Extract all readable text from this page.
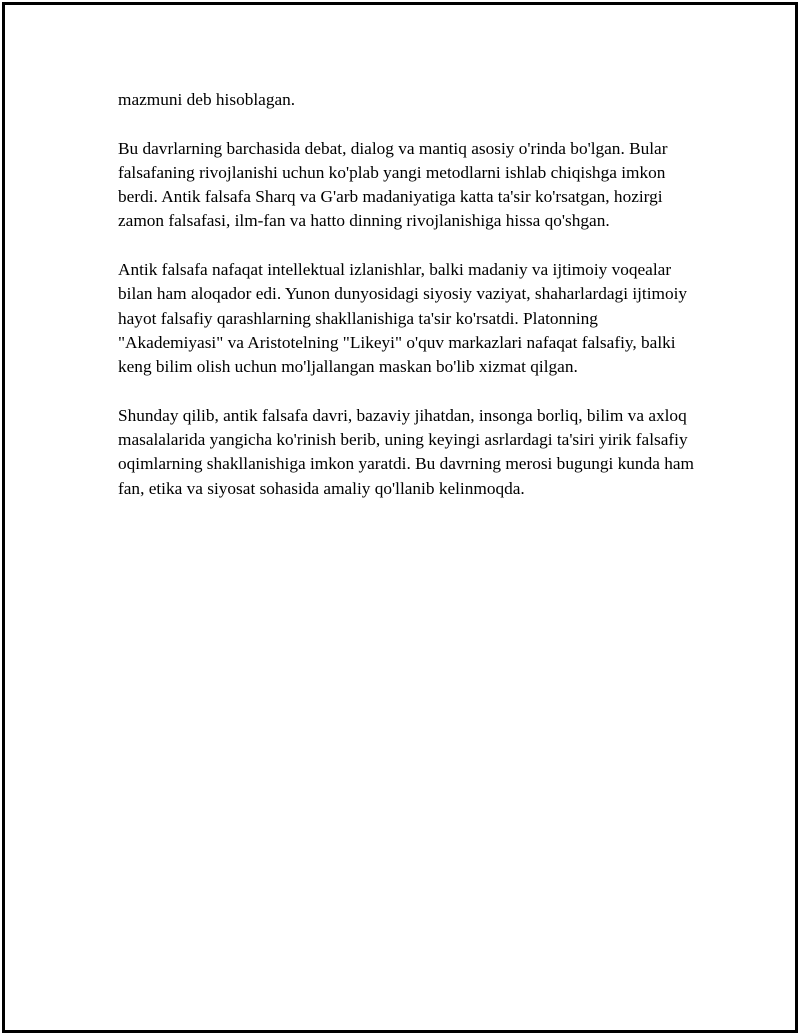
mazmuni deb hisoblagan.

Bu davrlarning barchasida debat, dialog va mantiq asosiy o'rinda bo'lgan. Bular falsafaning rivojlanishi uchun ko'plab yangi metodlarni ishlab chiqishga imkon berdi. Antik falsafa Sharq va G'arb madaniyatiga katta ta'sir ko'rsatgan, hozirgi zamon falsafasi, ilm-fan va hatto dinning rivojlanishiga hissa qo'shgan.

Antik falsafa nafaqat intellektual izlanishlar, balki madaniy va ijtimoiy voqealar bilan ham aloqador edi. Yunon dunyosidagi siyosiy vaziyat, shaharlardagi ijtimoiy hayot falsafiy qarashlarning shakllanishiga ta'sir ko'rsatdi. Platonning "Akademiyasi" va Aristotelning "Likeyi" o'quv markazlari nafaqat falsafiy, balki keng bilim olish uchun mo'ljallangan maskan bo'lib xizmat qilgan.

Shunday qilib, antik falsafa davri, bazaviy jihatdan, insonga borliq, bilim va axloq masalalarida yangicha ko'rinish berib, uning keyingi asrlardagi ta'siri yirik falsafiy oqimlarning shakllanishiga imkon yaratdi. Bu davrning merosi bugungi kunda ham fan, etika va siyosat sohasida amaliy qo'llanib kelinmoqda.
